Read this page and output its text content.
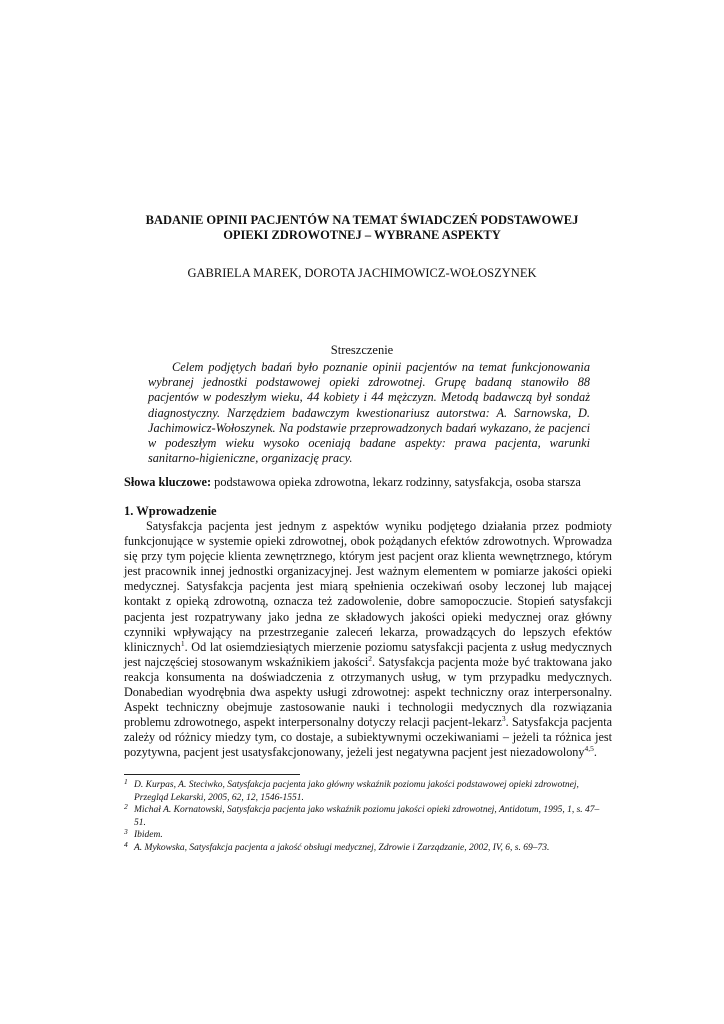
BADANIE OPINII PACJENTÓW NA TEMAT ŚWIADCZEŃ PODSTAWOWEJ
OPIEKI ZDROWOTNEJ – WYBRANE ASPEKTY
GABRIELA MAREK, DOROTA JACHIMOWICZ-WOŁOSZYNEK
Streszczenie
Celem podjętych badań było poznanie opinii pacjentów na temat funkcjonowania wybranej jednostki podstawowej opieki zdrowotnej. Grupę badaną stanowiło 88 pacjentów w podeszłym wieku, 44 kobiety i 44 mężczyzn. Metodą badawczą był sondaż diagnostyczny. Narzędziem badawczym kwestionariusz autorstwa: A. Sarnowska, D. Jachimowicz-Wołoszynek. Na podstawie przeprowadzonych badań wykazano, że pacjenci w podeszłym wieku wysoko oceniają badane aspekty: prawa pacjenta, warunki sanitarno-higieniczne, organizację pracy.
Słowa kluczowe: podstawowa opieka zdrowotna, lekarz rodzinny, satysfakcja, osoba starsza
1. Wprowadzenie

Satysfakcja pacjenta jest jednym z aspektów wyniku podjętego działania przez podmioty funkcjonujące w systemie opieki zdrowotnej, obok pożądanych efektów zdrowotnych. Wprowadza się przy tym pojęcie klienta zewnętrznego, którym jest pacjent oraz klienta wewnętrznego, którym jest pracownik innej jednostki organizacyjnej. Jest ważnym elementem w pomiarze jakości opieki medycznej. Satysfakcja pacjenta jest miarą spełnienia oczekiwań osoby leczonej lub mającej kontakt z opieką zdrowotną, oznacza też zadowolenie, dobre samopoczucie. Stopień satysfakcji pacjenta jest rozpatrywany jako jedna ze składowych jakości opieki medycznej oraz główny czynniki wpływający na przestrzeganie zaleceń lekarza, prowadzących do lepszych efektów klinicznych$^1$. Od lat osiemdziesiątych mierzenie poziomu satysfakcji pacjenta z usług medycznych jest najczęściej stosowanym wskaźnikiem jakości$^2$. Satysfakcja pacjenta może być traktowana jako reakcja konsumenta na doświadczenia z otrzymanych usług, w tym przypadku medycznych. Donabedian wyodrębnia dwa aspekty usługi zdrowotnej: aspekt techniczny oraz interpersonalny. Aspekt techniczny obejmuje zastosowanie nauki i technologii medycznych dla rozwiązania problemu zdrowotnego, aspekt interpersonalny dotyczy relacji pacjent-lekarz$^3$. Satysfakcja pacjenta zależy od różnicy miedzy tym, co dostaje, a subiektywnymi oczekiwaniami – jeżeli ta różnica jest pozytywna, pacjent jest usatysfakcjonowany, jeżeli jest negatywna pacjent jest niezadowolony$^{4,5}$.

1 D. Kurpas, A. Steciwko, Satysfakcja pacjenta jako główny wskaźnik poziomu jakości podstawowej opieki zdrowotnej, Przegląd Lekarski, 2005, 62, 12, 1546-1551.
2 Michał A. Kornatowski, Satysfakcja pacjenta jako wskaźnik poziomu jakości opieki zdrowotnej, Antidotum, 1995, 1, s. 47–51.
3 Ibidem.
4 A. Mykowska, Satysfakcja pacjenta a jakość obsługi medycznej, Zdrowie i Zarządzanie, 2002, IV, 6, s. 69–73.
